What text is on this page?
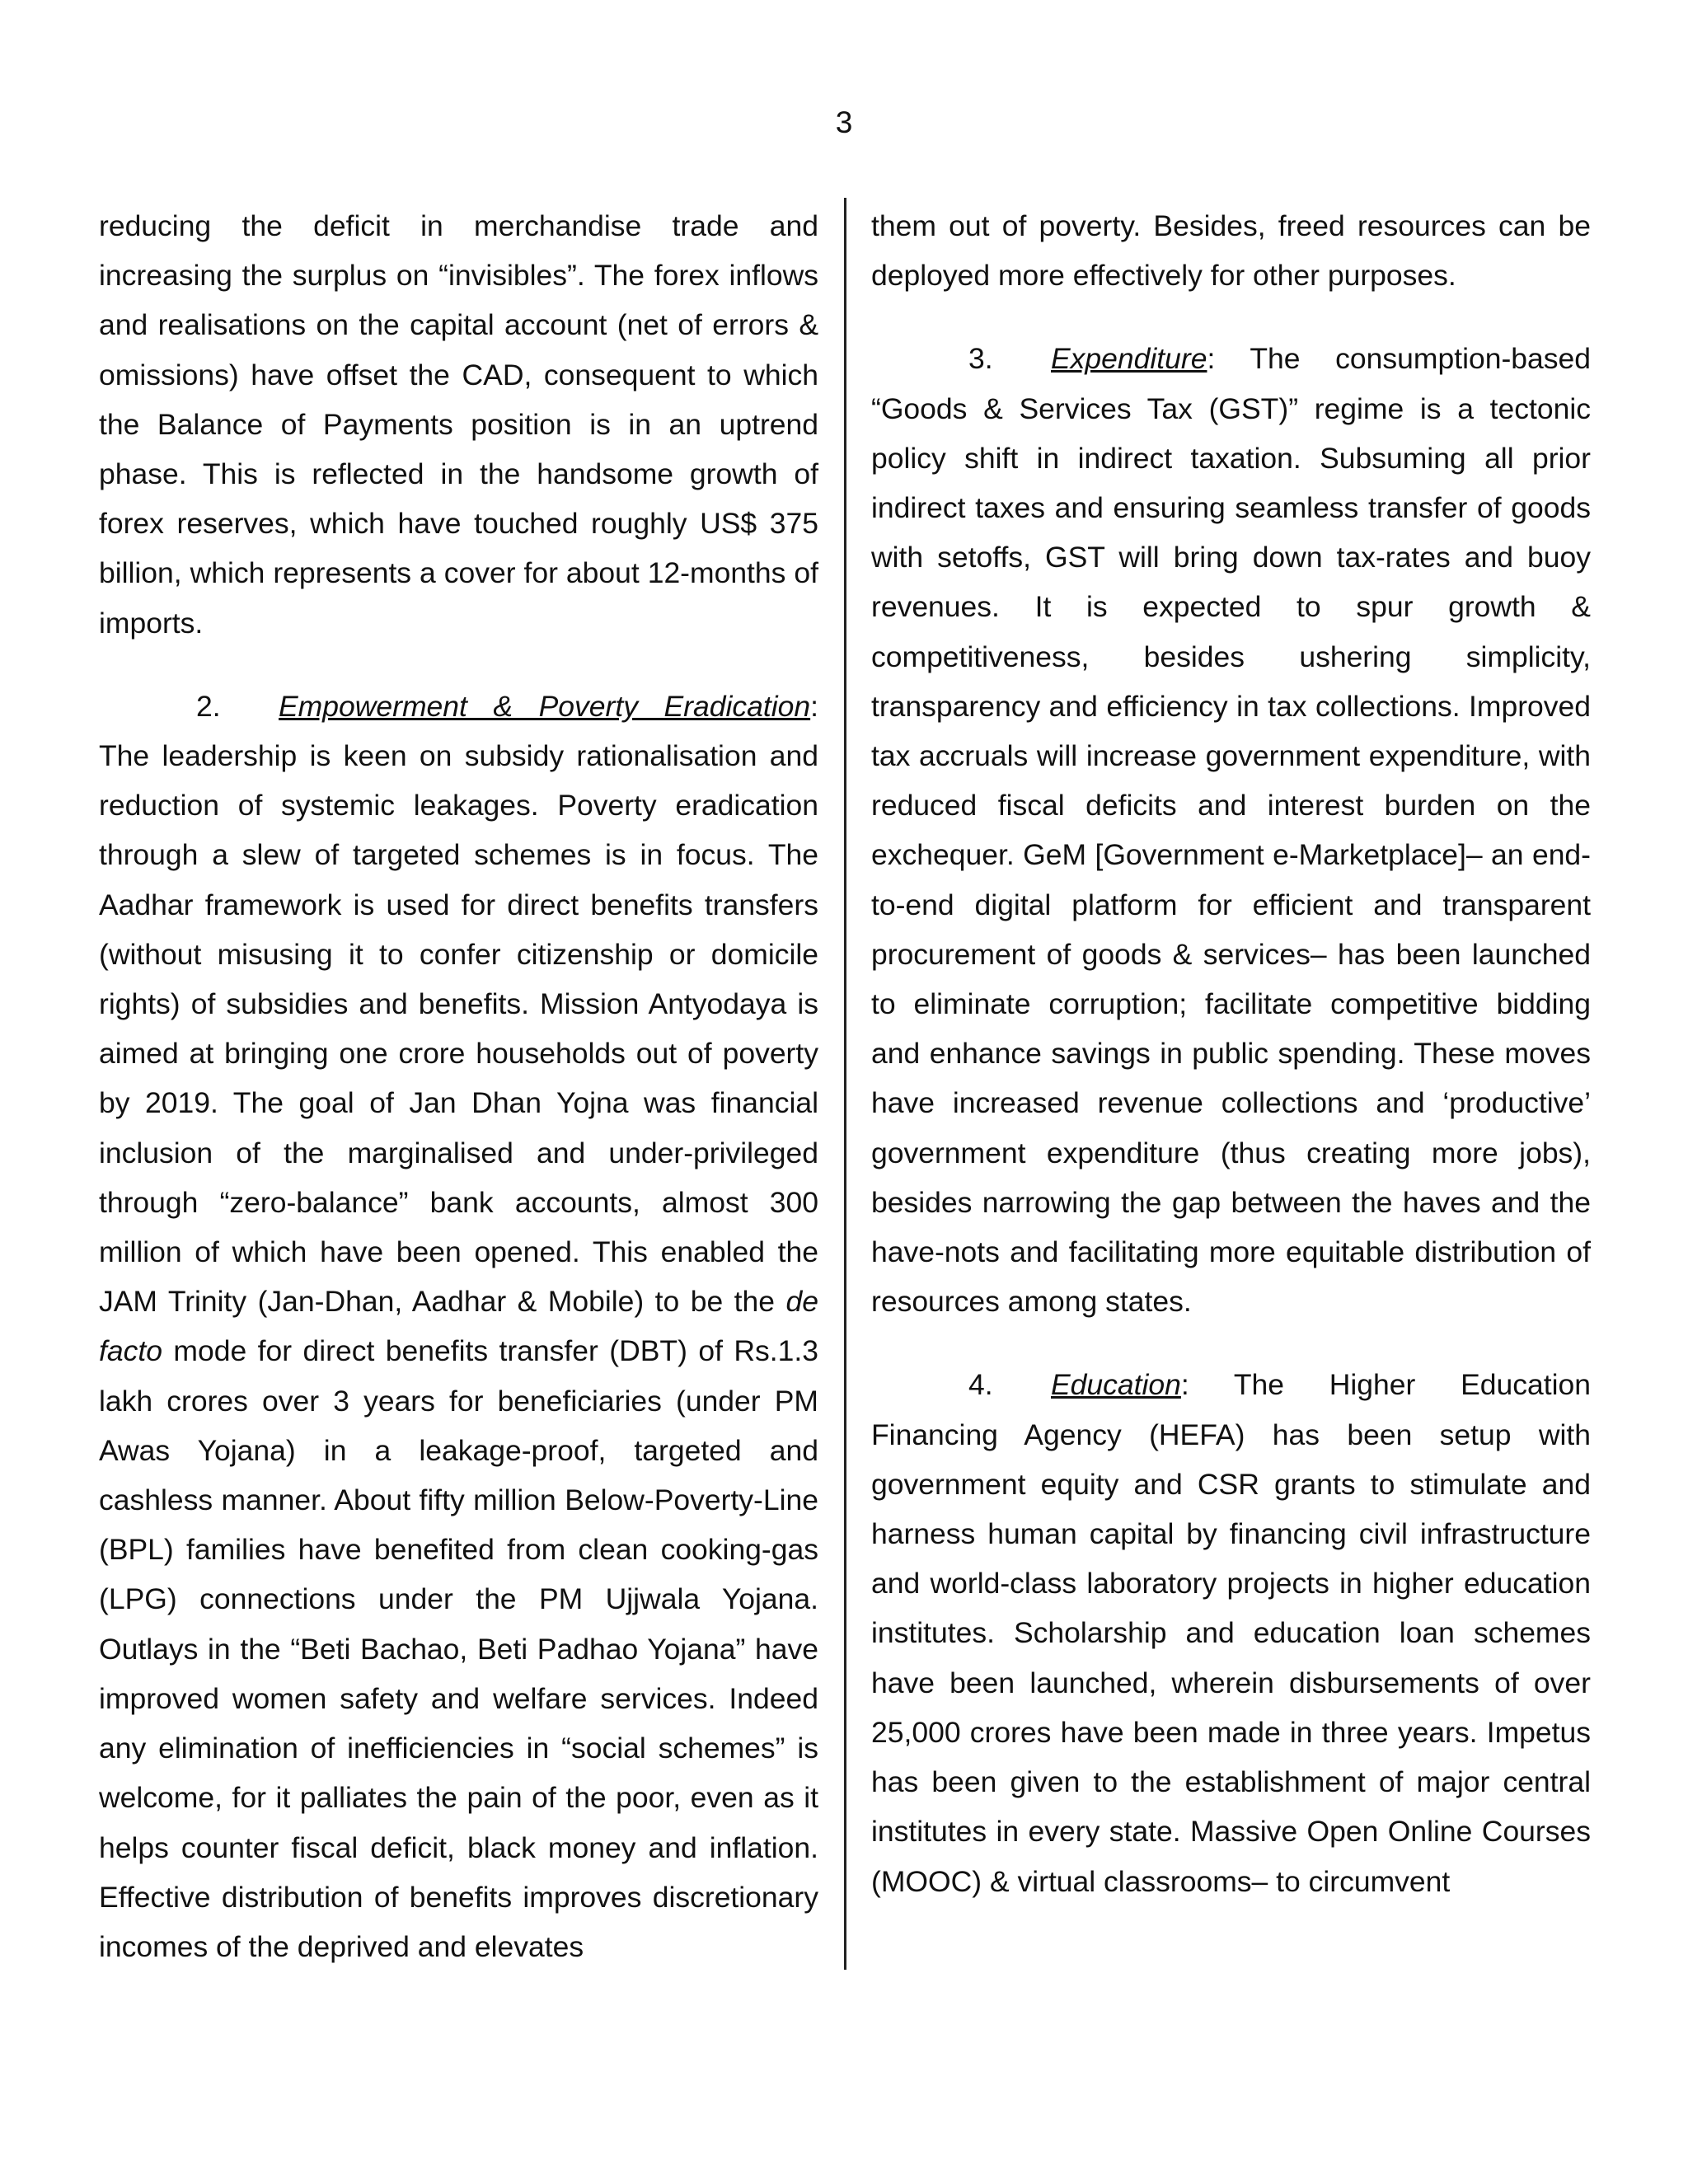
3

reducing the deficit in merchandise trade and increasing the surplus on “invisibles”. The forex inflows and realisations on the capital account (net of errors & omissions) have offset the CAD, consequent to which the Balance of Payments position is in an uptrend phase. This is reflected in the handsome growth of forex reserves, which have touched roughly US$ 375 billion, which represents a cover for about 12-months of imports.

2. Empowerment & Poverty Eradication: The leadership is keen on subsidy rationalisation and reduction of systemic leakages. Poverty eradication through a slew of targeted schemes is in focus. The Aadhar framework is used for direct benefits transfers (without misusing it to confer citizenship or domicile rights) of subsidies and benefits. Mission Antyodaya is aimed at bringing one crore households out of poverty by 2019. The goal of Jan Dhan Yojna was financial inclusion of the marginalised and under-privileged through “zero-balance” bank accounts, almost 300 million of which have been opened. This enabled the JAM Trinity (Jan-Dhan, Aadhar & Mobile) to be the de facto mode for direct benefits transfer (DBT) of Rs.1.3 lakh crores over 3 years for beneficiaries (under PM Awas Yojana) in a leakage-proof, targeted and cashless manner. About fifty million Below-Poverty-Line (BPL) families have benefited from clean cooking-gas (LPG) connections under the PM Ujjwala Yojana. Outlays in the “Beti Bachao, Beti Padhao Yojana” have improved women safety and welfare services. Indeed any elimination of inefficiencies in “social schemes” is welcome, for it palliates the pain of the poor, even as it helps counter fiscal deficit, black money and inflation. Effective distribution of benefits improves discretionary incomes of the deprived and elevates

them out of poverty. Besides, freed resources can be deployed more effectively for other purposes.

3. Expenditure: The consumption-based “Goods & Services Tax (GST)” regime is a tectonic policy shift in indirect taxation. Subsuming all prior indirect taxes and ensuring seamless transfer of goods with setoffs, GST will bring down tax-rates and buoy revenues. It is expected to spur growth & competitiveness, besides ushering simplicity, transparency and efficiency in tax collections. Improved tax accruals will increase government expenditure, with reduced fiscal deficits and interest burden on the exchequer. GeM [Government e-Marketplace]– an end-to-end digital platform for efficient and transparent procurement of goods & services– has been launched to eliminate corruption; facilitate competitive bidding and enhance savings in public spending. These moves have increased revenue collections and ‘productive’ government expenditure (thus creating more jobs), besides narrowing the gap between the haves and the have-nots and facilitating more equitable distribution of resources among states.

4. Education: The Higher Education Financing Agency (HEFA) has been setup with government equity and CSR grants to stimulate and harness human capital by financing civil infrastructure and world-class laboratory projects in higher education institutes. Scholarship and education loan schemes have been launched, wherein disbursements of over 25,000 crores have been made in three years. Impetus has been given to the establishment of major central institutes in every state. Massive Open Online Courses (MOOC) & virtual classrooms– to circumvent
